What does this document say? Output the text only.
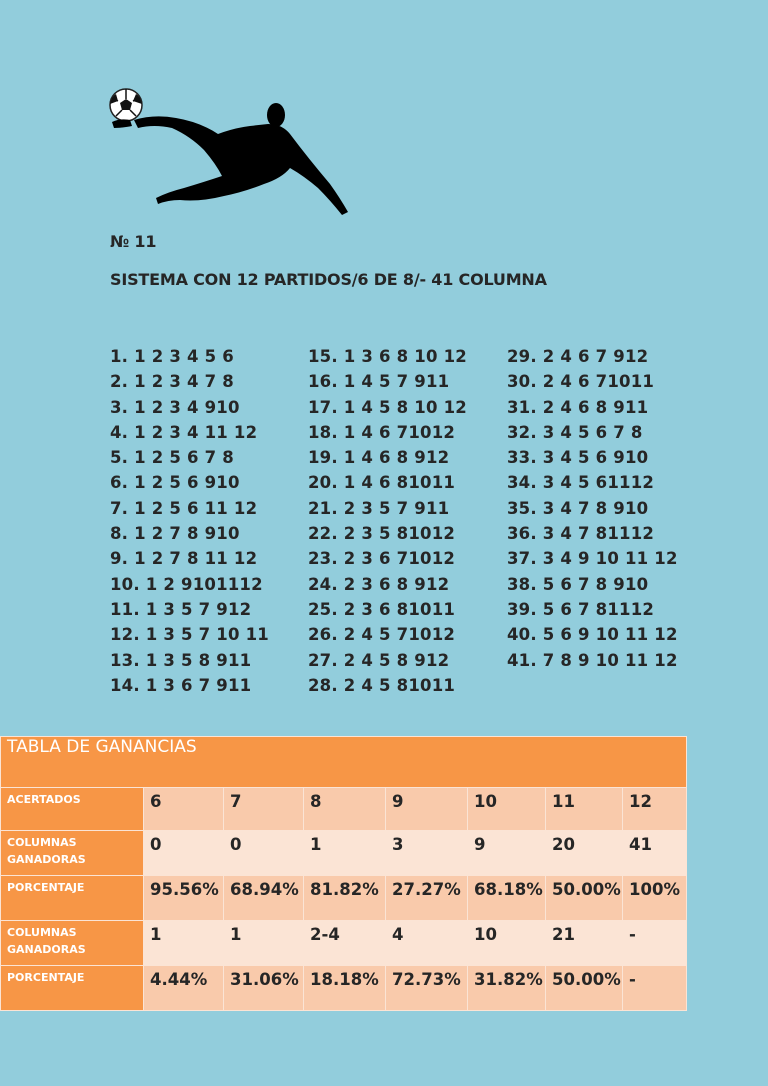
№ 11
SISTEMA CON 12 PARTIDOS/6 DE 8/- 41 COLUMNA
1. 1 2 3 4 5 6
2. 1 2 3 4 7 8
3. 1 2 3 4 910
4. 1 2 3 4 11 12
5. 1 2 5 6 7 8
6. 1 2 5 6 910
7. 1 2 5 6 11 12
8. 1 2 7 8 910
9. 1 2 7 8 11 12
10. 1 2 9101112
11. 1 3 5 7 912
12. 1 3 5 7 10 11
13. 1 3 5 8 911
14. 1 3 6 7 911
15. 1 3 6 8 10 12
16. 1 4 5 7 911
17. 1 4 5 8 10 12
18. 1 4 6 71012
19. 1 4 6 8 912
20. 1 4 6 81011
21. 2 3 5 7 911
22. 2 3 5 81012
23. 2 3 6 71012
24. 2 3 6 8 912
25. 2 3 6 81011
26. 2 4 5 71012
27. 2 4 5 8 912
28. 2 4 5 81011
29. 2 4 6 7 912
30. 2 4 6 71011
31. 2 4 6 8 911
32. 3 4 5 6 7 8
33. 3 4 5 6 910
34. 3 4 5 61112
35. 3 4 7 8 910
36. 3 4 7 81112
37. 3 4 9 10 11 12
38. 5 6 7 8 910
39. 5 6 7 81112
40. 5 6 9 10 11 12
41. 7 8 9 10 11 12
TABLA DE GANANCIAS							
ACERTADOS	6	7	8	9	10	11	12
COLUMNAS GANADORAS	0	0	1	3	9	20	41
PORCENTAJE	95.56%	68.94%	81.82%	27.27%	68.18%	50.00%	100%
COLUMNAS GANADORAS	1	1	2-4	4	10	21	-
PORCENTAJE	4.44%	31.06%	18.18%	72.73%	31.82%	50.00%	-
